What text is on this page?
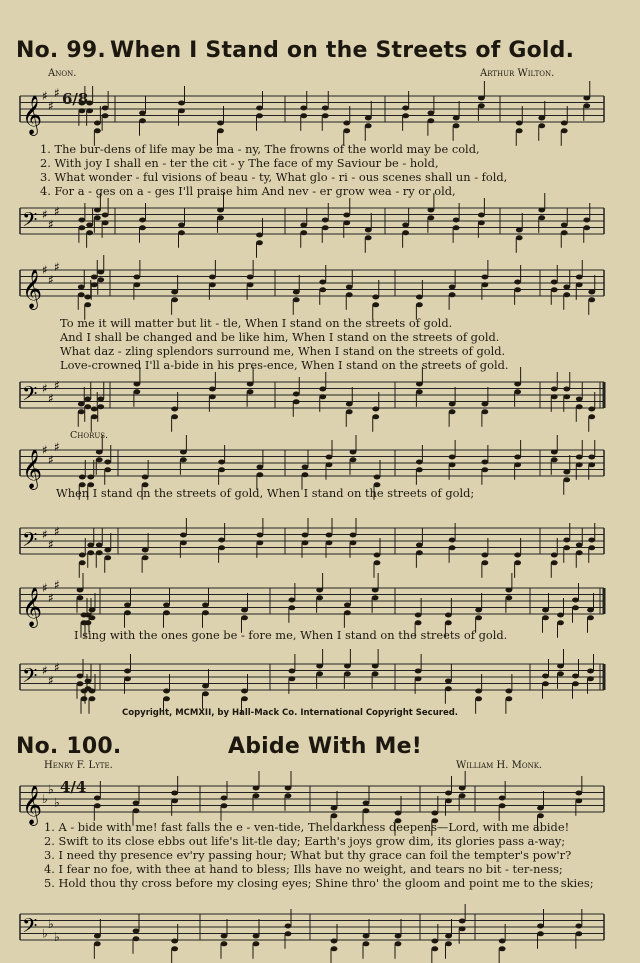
No. 99. When I Stand on the Streets of Gold.
Anon.	Arthur Wilton.
𝄞 ♯
♯
♯
𝄢 ♯
♯
♯
𝄞 ♯
♯
♯
𝄢 ♯
♯
♯
𝄞 ♯
♯
♯
𝄢 ♯
♯
♯
𝄞 ♯
♯
♯
𝄢 ♯
♯
♯
6/8
1. The bur-dens of life may be ma - ny, The frowns of the world may be cold,
2. With joy I shall en - ter the cit - y The face of my Saviour be - hold,
3. What wonder - ful visions of beau - ty, What glo - ri - ous scenes shall un - fold,
4. For a - ges on a - ges I'll praise him And nev - er grow wea - ry or old,
To me it will matter but lit - tle, When I stand on the streets of gold.
And I shall be changed and be like him, When I stand on the streets of gold.
What daz - zling splendors surround me, When I stand on the streets of gold.
Love-crowned I'll a-bide in his pres-ence, When I stand on the streets of gold.
Chorus.
When I stand on the streets of gold, When I stand on the streets of gold;
I sing with the ones gone be - fore me, When I stand on the streets of gold.
Copyright, MCMXII, by Hall-Mack Co. International Copyright Secured.
No. 100.	Abide With Me!
Henry F. Lyte.	William H. Monk.
𝄞 ♭
♭
♭
𝄢 ♭
♭
♭
4/4
1. A - bide with me! fast falls the e - ven-tide, The darkness deepens—Lord, with me abide!
2. Swift to its close ebbs out life's lit-tle day; Earth's joys grow dim, its glories pass a-way;
3. I need thy presence ev'ry passing hour; What but thy grace can foil the tempter's pow'r?
4. I fear no foe, with thee at hand to bless; Ills have no weight, and tears no bit - ter-ness;
5. Hold thou thy cross before my closing eyes; Shine thro' the gloom and point me to the skies;
